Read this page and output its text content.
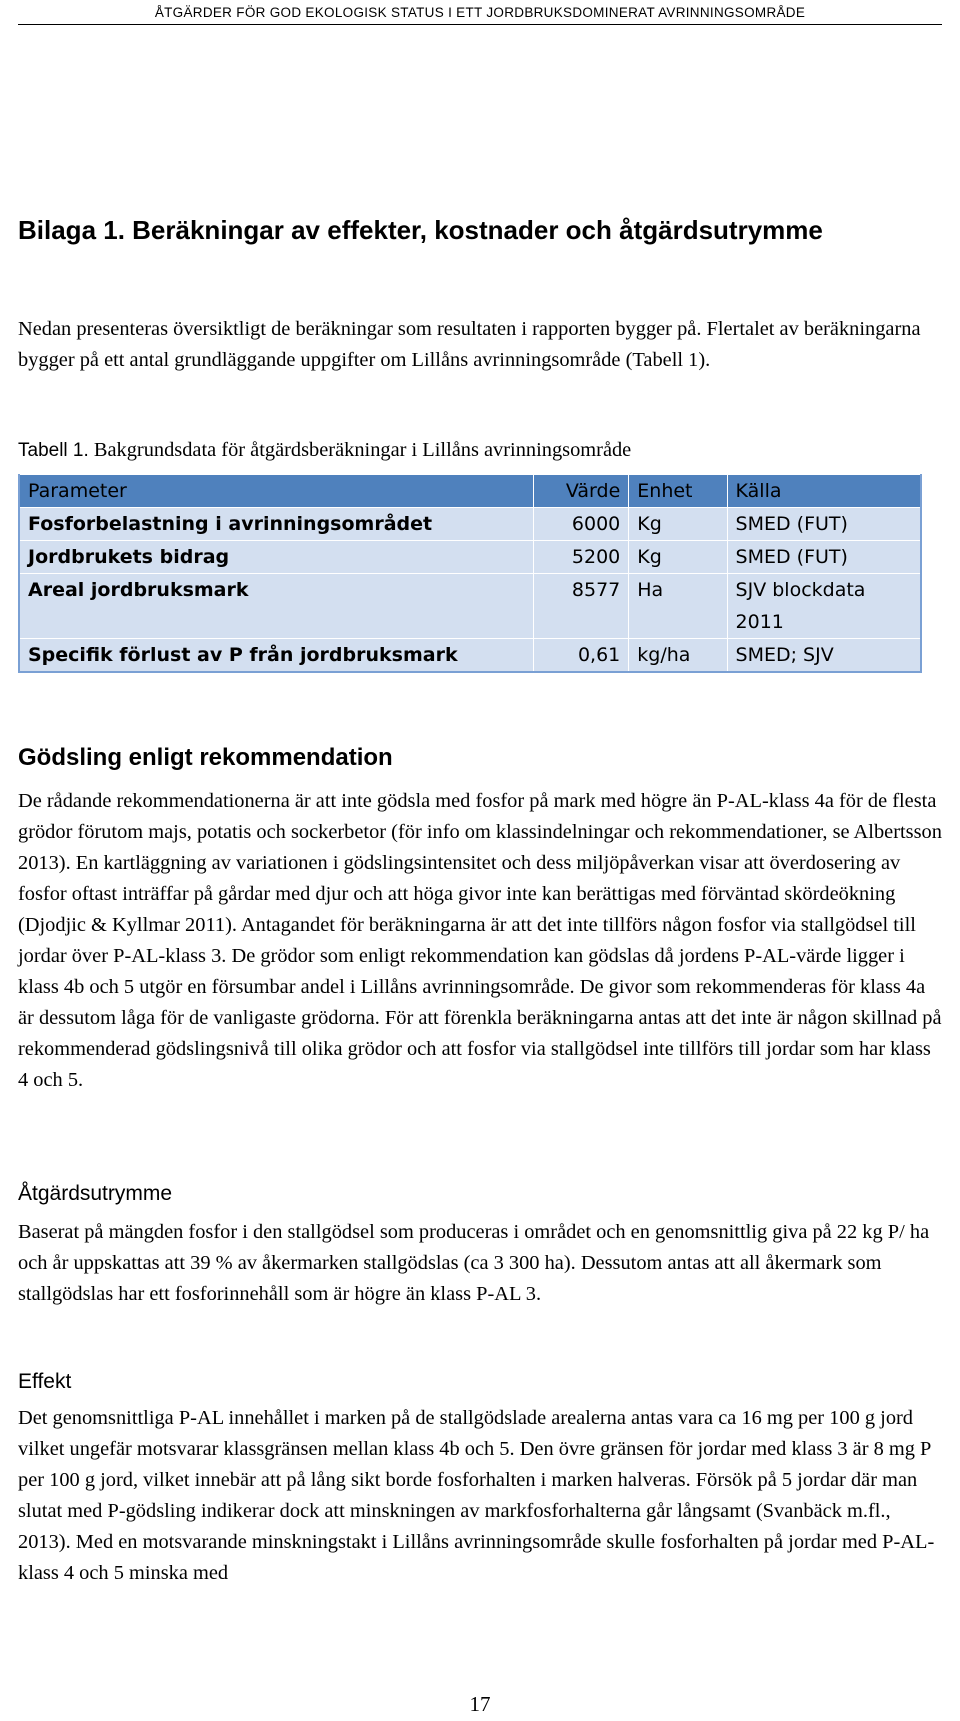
ÅTGÄRDER FÖR GOD EKOLOGISK STATUS I ETT JORDBRUKSDOMINERAT AVRINNINGSOMRÅDE
Bilaga 1. Beräkningar av effekter, kostnader och åtgärdsutrymme

Nedan presenteras översiktligt de beräkningar som resultaten i rapporten bygger på. Flertalet av beräkningarna bygger på ett antal grundläggande uppgifter om Lillåns avrinningsområde (Tabell 1).

Tabell 1. Bakgrundsdata för åtgärdsberäkningar i Lillåns avrinningsområde

Parameter	Värde	Enhet	Källa
Fosforbelastning i avrinningsområdet	6000	Kg	SMED (FUT)
Jordbrukets bidrag	5200	Kg	SMED (FUT)
Areal jordbruksmark	8577	Ha	SJV blockdata 2011
Specifik förlust av P från jordbruksmark	0,61	kg/ha	SMED; SJV
Gödsling enligt rekommendation

De rådande rekommendationerna är att inte gödsla med fosfor på mark med högre än P-AL-klass 4a för de flesta grödor förutom majs, potatis och sockerbetor (för info om klassindelningar och rekommendationer, se Albertsson 2013). En kartläggning av variationen i gödslingsintensitet och dess miljöpåverkan visar att överdosering av fosfor oftast inträffar på gårdar med djur och att höga givor inte kan berättigas med förväntad skördeökning (Djodjic & Kyllmar 2011). Antagandet för beräkningarna är att det inte tillförs någon fosfor via stallgödsel till jordar över P-AL-klass 3. De grödor som enligt rekommendation kan gödslas då jordens P-AL-värde ligger i klass 4b och 5 utgör en försumbar andel i Lillåns avrinningsområde. De givor som rekommenderas för klass 4a är dessutom låga för de vanligaste grödorna. För att förenkla beräkningarna antas att det inte är någon skillnad på rekommenderad gödslingsnivå till olika grödor och att fosfor via stallgödsel inte tillförs till jordar som har klass 4 och 5.

Åtgärdsutrymme

Baserat på mängden fosfor i den stallgödsel som produceras i området och en genomsnittlig giva på 22 kg P/ ha och år uppskattas att 39 % av åkermarken stallgödslas (ca 3 300 ha). Dessutom antas att all åkermark som stallgödslas har ett fosforinnehåll som är högre än klass P-AL 3.

Effekt

Det genomsnittliga P-AL innehållet i marken på de stallgödslade arealerna antas vara ca 16 mg per 100 g jord vilket ungefär motsvarar klassgränsen mellan klass 4b och 5. Den övre gränsen för jordar med klass 3 är 8 mg P per 100 g jord, vilket innebär att på lång sikt borde fosforhalten i marken halveras. Försök på 5 jordar där man slutat med P-gödsling indikerar dock att minskningen av markfosforhalterna går långsamt (Svanbäck m.fl., 2013). Med en motsvarande minskningstakt i Lillåns avrinningsområde skulle fosforhalten på jordar med P-AL-klass 4 och 5 minska med

17
